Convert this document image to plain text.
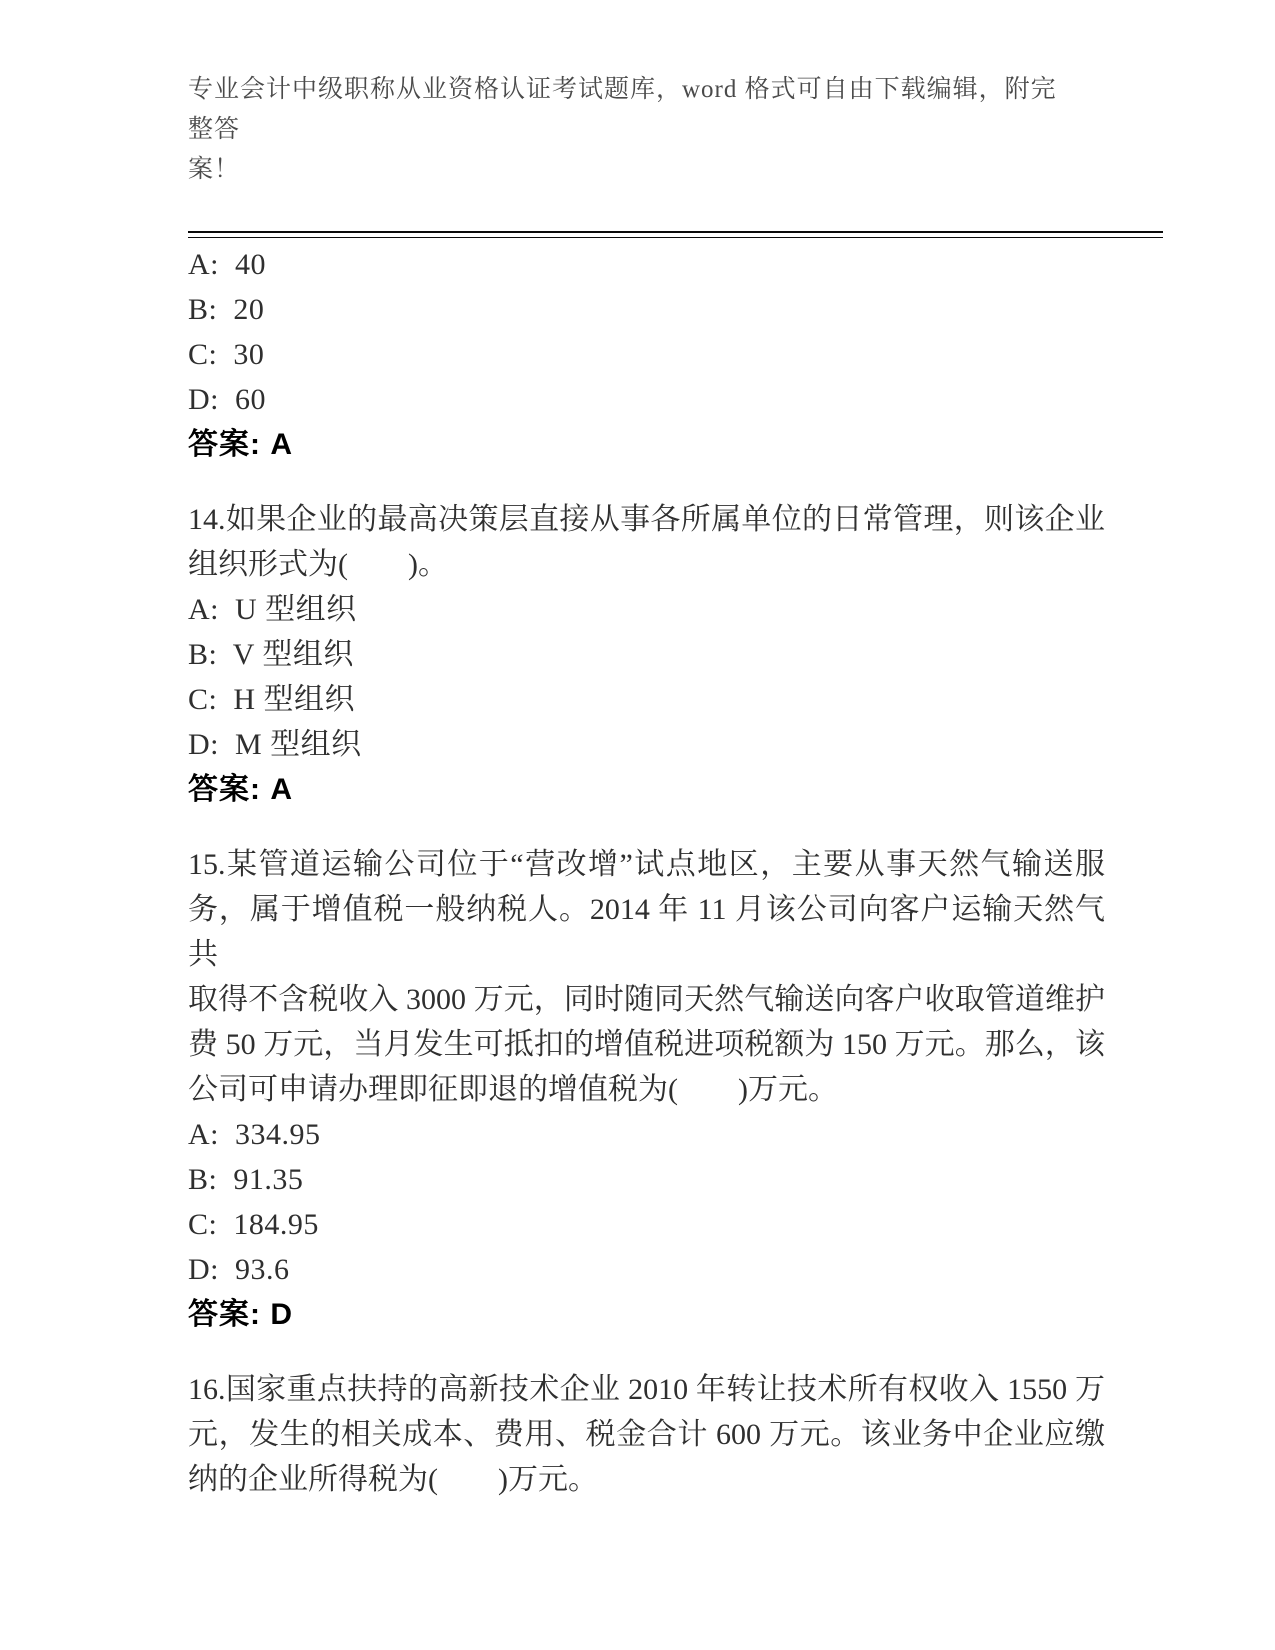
专业会计中级职称从业资格认证考试题库，word 格式可自由下载编辑，附完整答
案！
A:  40
B:  20
C:  30
D:  60
答案: A
14.如果企业的最高决策层直接从事各所属单位的日常管理，则该企业
组织形式为(　　)。
A:  U 型组织
B:  V 型组织
C:  H 型组织
D:  M 型组织
答案: A
15.某管道运输公司位于“营改增”试点地区，主要从事天然气输送服
务，属于增值税一般纳税人。2014 年 11 月该公司向客户运输天然气共
取得不含税收入 3000 万元，同时随同天然气输送向客户收取管道维护
费 50 万元，当月发生可抵扣的增值税进项税额为 150 万元。那么，该
公司可申请办理即征即退的增值税为(　　)万元。
A:  334.95
B:  91.35
C:  184.95
D:  93.6
答案: D
16.国家重点扶持的高新技术企业 2010 年转让技术所有权收入 1550 万
元，发生的相关成本、费用、税金合计 600 万元。该业务中企业应缴
纳的企业所得税为(　　)万元。
